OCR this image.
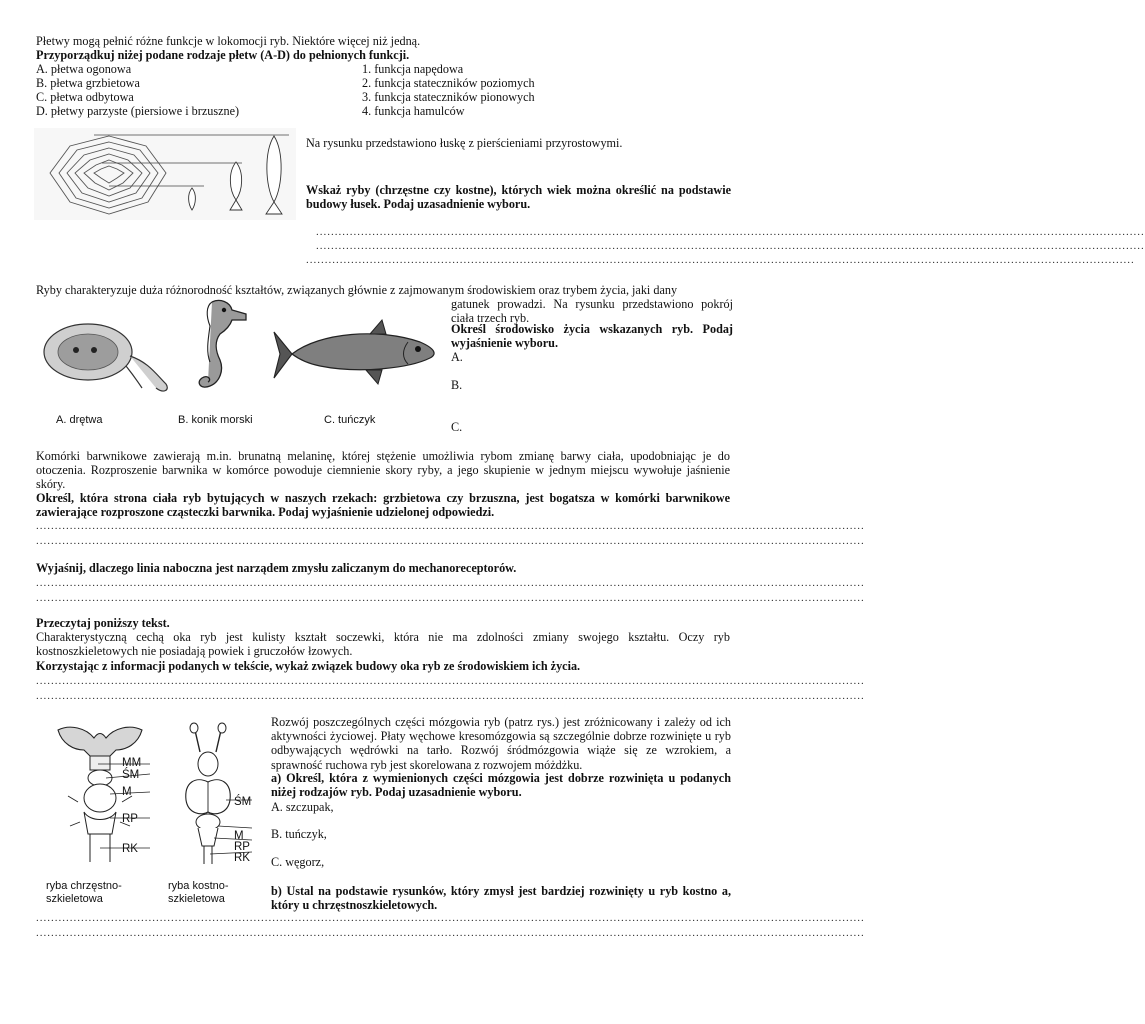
Płetwy mogą pełnić różne funkcje w lokomocji ryb. Niektóre więcej niż jedną.
Przyporządkuj niżej podane rodzaje płetw (A-D) do pełnionych funkcji.
A. płetwa ogonowa
B. płetwa grzbietowa
C. płetwa odbytowa
D. płetwy parzyste (piersiowe i brzuszne)
1. funkcja napędowa
2. funkcja stateczników poziomych
3. funkcja stateczników pionowych
4. funkcja hamulców
Na rysunku przedstawiono łuskę z pierścieniami przyrostowymi.
Wskaż ryby (chrzęstne czy kostne), których wiek można określić na podstawie budowy łusek. Podaj uzasadnienie wyboru.
.............................................................................................................................................................................................................................
.............................................................................................................................................................................................................................
.............................................................................................................................................................................................................................
Ryby charakteryzuje duża różnorodność kształtów, związanych głównie z zajmowanym środowiskiem oraz trybem życia, jaki dany
gatunek prowadzi. Na rysunku przedstawiono pokrój ciała trzech ryb.
Określ środowisko życia wskazanych ryb. Podaj wyjaśnienie wyboru.
A.
B.
C.
A. drętwa	B. konik morski	C. tuńczyk
Komórki barwnikowe zawierają m.in. brunatną melaninę, której stężenie umożliwia rybom zmianę barwy ciała, upodobniając je do otoczenia. Rozproszenie barwnika w komórce powoduje ciemnienie skory ryby, a jego skupienie w jednym miejscu wywołuje jaśnienie skóry.
Określ, która strona ciała ryb bytujących w naszych rzekach: grzbietowa czy brzuszna, jest bogatsza w komórki barwnikowe zawierające rozproszone cząsteczki barwnika. Podaj wyjaśnienie udzielonej odpowiedzi.
.............................................................................................................................................................................................................................
.............................................................................................................................................................................................................................
Wyjaśnij, dlaczego linia naboczna jest narządem zmysłu zaliczanym do mechanoreceptorów.
.............................................................................................................................................................................................................................
.............................................................................................................................................................................................................................
Przeczytaj poniższy tekst.
Charakterystyczną cechą oka ryb jest kulisty kształt soczewki, która nie ma zdolności zmiany swojego kształtu. Oczy ryb kostnoszkieletowych nie posiadają powiek i gruczołów łzowych.
Korzystając z informacji podanych w tekście, wykaż związek budowy oka ryb ze środowiskiem ich życia.
.............................................................................................................................................................................................................................
.............................................................................................................................................................................................................................
MM
ŚM
M
RP
RK
ŚM
M
RP
RK
ryba chrzęstno-
szkieletowa
ryba kostno-
szkieletowa
Rozwój poszczególnych części mózgowia ryb (patrz rys.) jest zróżnicowany i zależy od ich aktywności życiowej. Płaty węchowe kresomózgowia są szczególnie dobrze rozwinięte u ryb odbywających wędrówki na tarło. Rozwój śródmózgowia wiąże się ze wzrokiem, a sprawność ruchowa ryb jest skorelowana z rozwojem móżdżku.
a) Określ, która z wymienionych części mózgowia jest dobrze rozwinięta u podanych niżej rodzajów ryb. Podaj uzasadnienie wyboru.
A. szczupak,
B. tuńczyk,
C. węgorz,
b) Ustal na podstawie rysunków, który zmysł jest bardziej rozwinięty u ryb kostno a, który u chrzęstnoszkieletowych.
.............................................................................................................................................................................................................................
.............................................................................................................................................................................................................................
